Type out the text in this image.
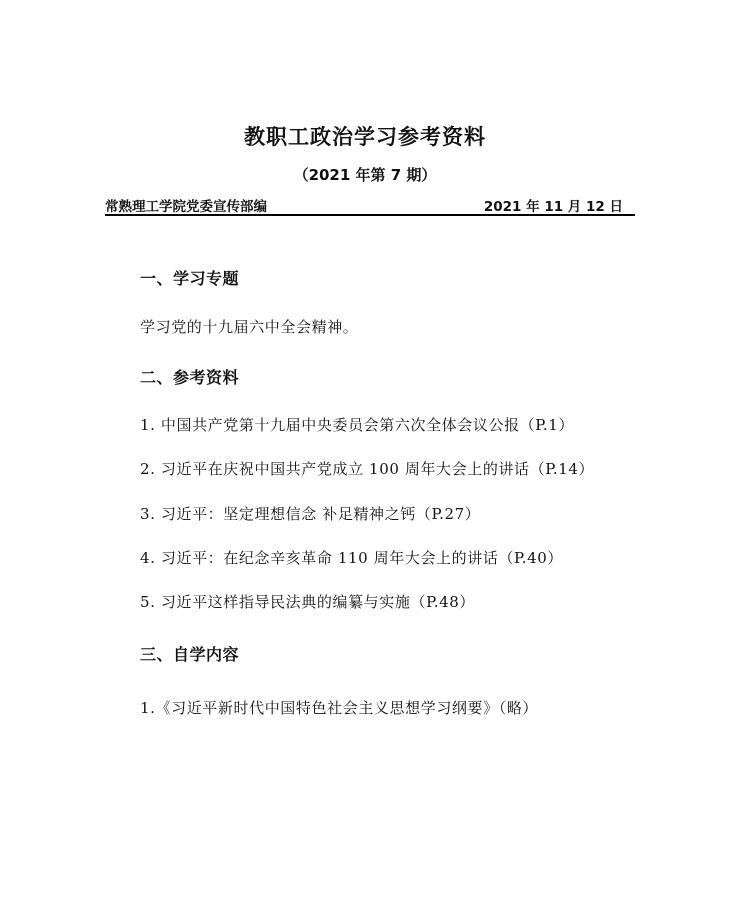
教职工政治学习参考资料
（2021 年第 7 期）
常熟理工学院党委宣传部编	2021 年 11 月 12 日
一、学习专题
学习党的十九届六中全会精神。
二、参考资料
1. 中国共产党第十九届中央委员会第六次全体会议公报（P.1）
2. 习近平在庆祝中国共产党成立 100 周年大会上的讲话（P.14）
3. 习近平：坚定理想信念 补足精神之钙（P.27）
4. 习近平：在纪念辛亥革命 110 周年大会上的讲话（P.40）
5. 习近平这样指导民法典的编纂与实施（P.48）
三、自学内容
1.《习近平新时代中国特色社会主义思想学习纲要》（略）
